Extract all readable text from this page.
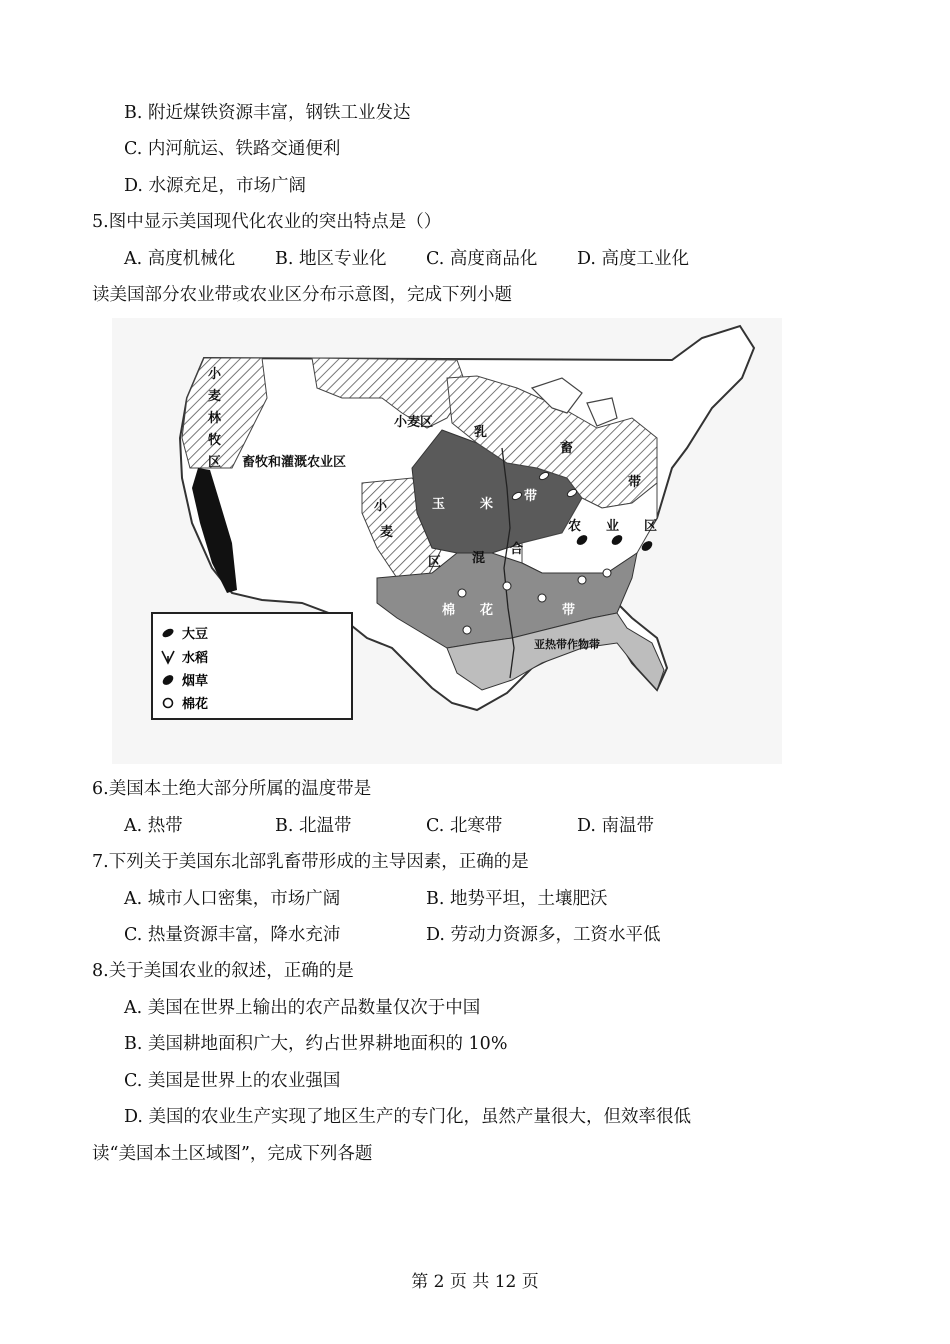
B. 附近煤铁资源丰富，钢铁工业发达
C. 内河航运、铁路交通便利
D. 水源充足，市场广阔
5.图中显示美国现代化农业的突出特点是（）
A. 高度机械化 B. 地区专业化 C. 高度商品化 D. 高度工业化
读美国部分农业带或农业区分布示意图，完成下列小题
小
麦
林
牧
区 畜牧和灌溉农业区
小麦区
小
麦
区
乳
畜
带
玉	米
带
混
合
农 业 区
棉 花	带
亚热带作物带
大豆
水稻
烟草
棉花
6.美国本土绝大部分所属的温度带是
A. 热带	B. 北温带	C. 北寒带	D. 南温带
7.下列关于美国东北部乳畜带形成的主导因素，正确的是
A. 城市人口密集，市场广阔	B. 地势平坦，土壤肥沃
C. 热量资源丰富，降水充沛	D. 劳动力资源多，工资水平低
8.关于美国农业的叙述，正确的是
A. 美国在世界上输出的农产品数量仅次于中国
B. 美国耕地面积广大，约占世界耕地面积的 10%
C. 美国是世界上的农业强国
D. 美国的农业生产实现了地区生产的专门化，虽然产量很大，但效率很低
读“美国本土区域图”，完成下列各题
第 2 页 共 12 页
